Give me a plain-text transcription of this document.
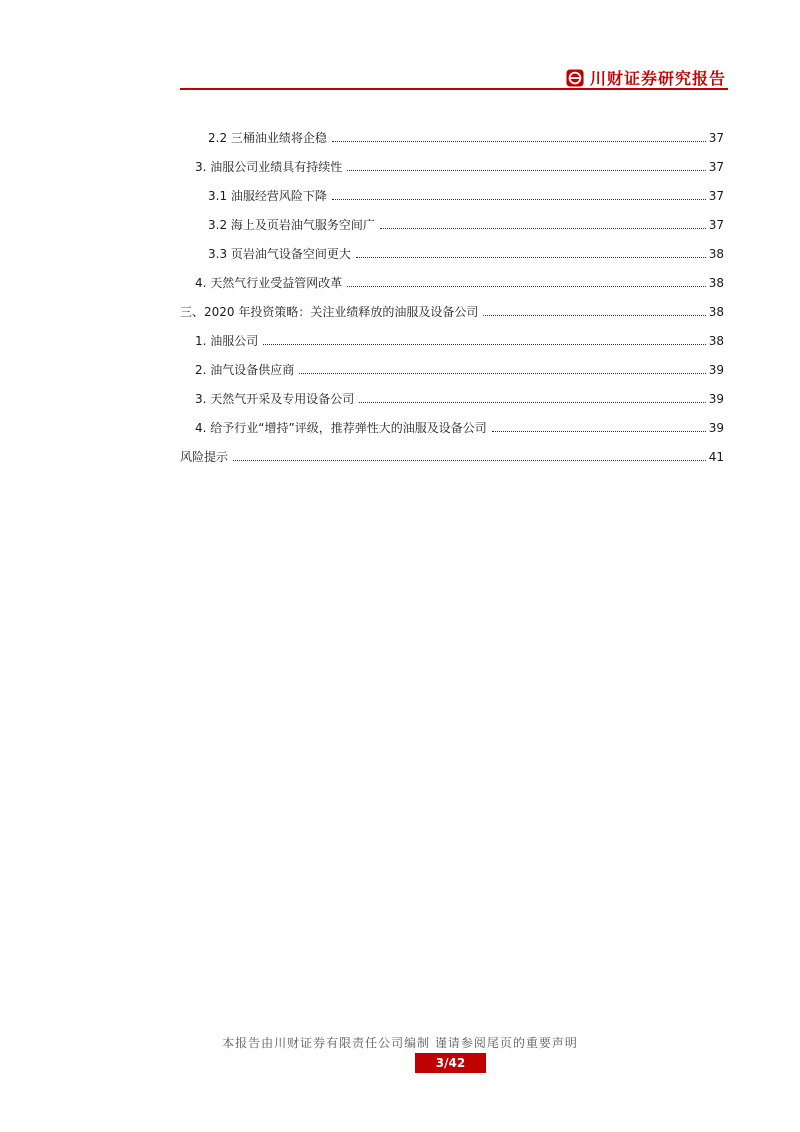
川财证券研究报告
2.2 三桶油业绩将企稳	37
3. 油服公司业绩具有持续性	37
3.1 油服经营风险下降	37
3.2 海上及页岩油气服务空间广	37
3.3 页岩油气设备空间更大	38
4. 天然气行业受益管网改革	38
三、2020 年投资策略：关注业绩释放的油服及设备公司	38
1. 油服公司	38
2. 油气设备供应商	39
3. 天然气开采及专用设备公司	39
4. 给予行业“增持”评级，推荐弹性大的油服及设备公司	39
风险提示	41
本报告由川财证券有限责任公司编制 谨请参阅尾页的重要声明
3/42
